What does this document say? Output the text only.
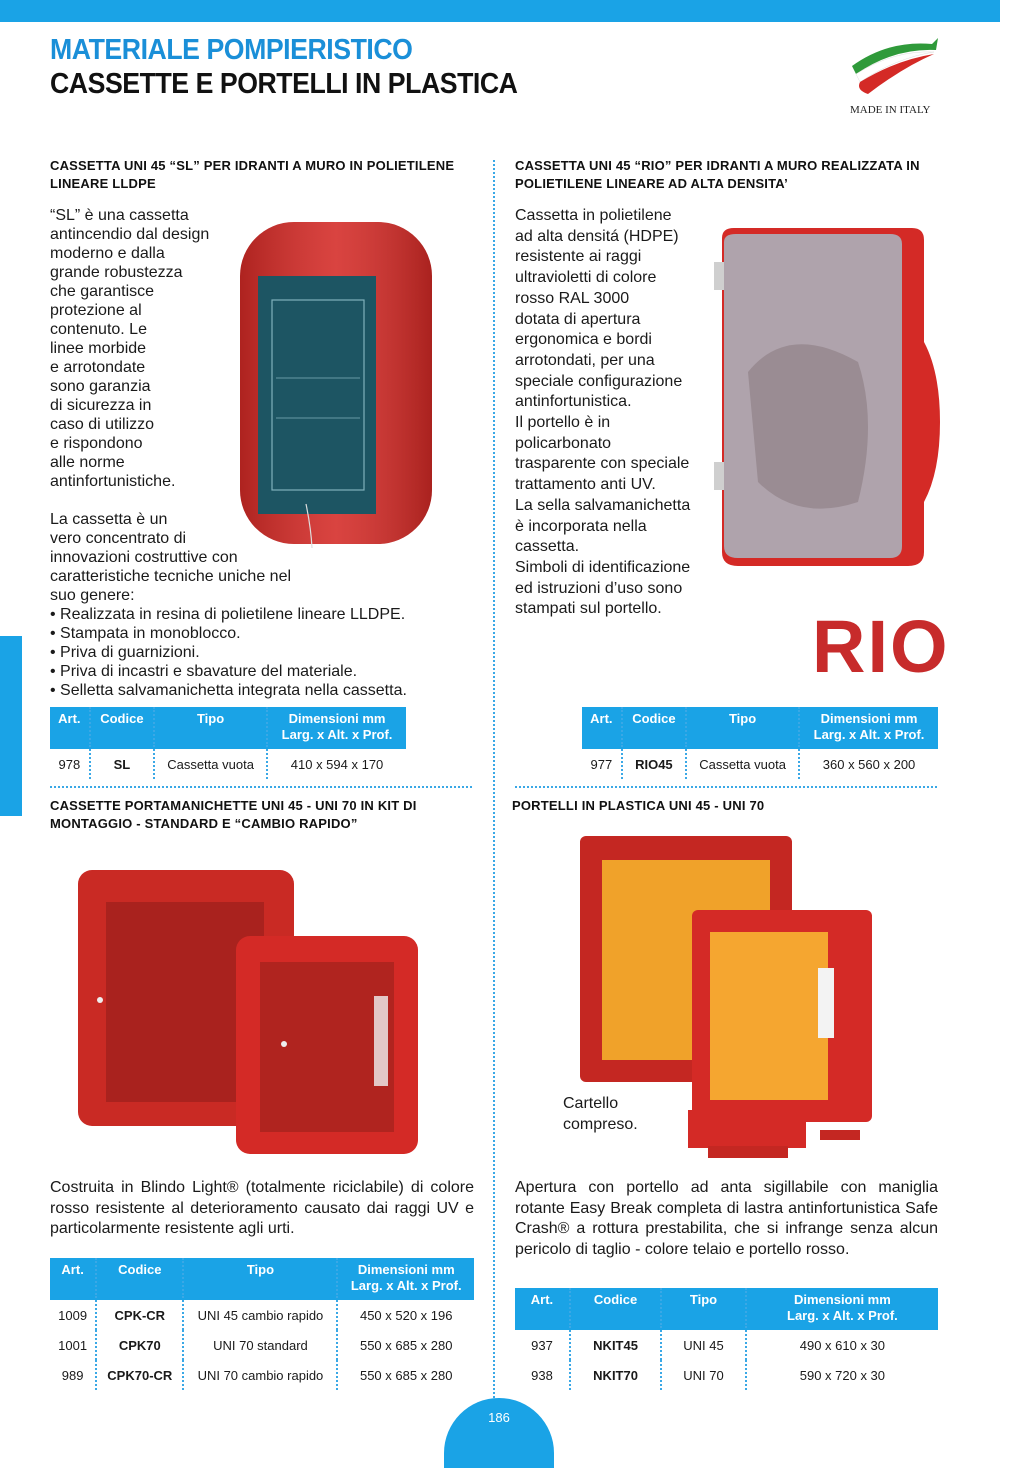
MATERIALE POMPIERISTICO
CASSETTE E PORTELLI IN PLASTICA
MADE IN ITALY
CASSETTA UNI 45 “SL” PER IDRANTI A MURO IN POLIETILENE LINEARE LLDPE

“SL” è una cassetta

antincendio dal design

moderno e dalla

grande robustezza

che garantisce

protezione al

contenuto. Le

linee morbide

e arrotondate

sono garanzia

di sicurezza in

caso di utilizzo

e rispondono

alle norme

antinfortunistiche.

La cassetta è un

vero concentrato di

innovazioni costruttive con

caratteristiche tecniche uniche nel

suo genere:

• Realizzata in resina di polietilene lineare LLDPE.
• Stampata in monoblocco.
• Priva di guarnizioni.
• Priva di incastri e sbavature del materiale.
• Selletta salvamanichetta integrata nella cassetta.
Art.	Codice	Tipo	Dimensioni mm
Larg. x Alt. x Prof.
978	SL	Cassetta vuota	410 x 594 x 170
CASSETTA UNI 45 “RIO” PER IDRANTI A MURO REALIZZATA IN POLIETILENE LINEARE AD ALTA DENSITA’

Cassetta in polietilene

ad alta densitá (HDPE)

resistente ai raggi

ultravioletti di colore

rosso RAL 3000

dotata di apertura

ergonomica e bordi

arrotondati, per una

speciale configurazione

antinfortunistica.

Il portello è in

policarbonato

trasparente con speciale

trattamento anti UV.

La sella salvamanichetta

è incorporata nella

cassetta.

Simboli di identificazione

ed istruzioni d’uso sono

stampati sul portello.	RIO
Art.	Codice	Tipo	Dimensioni mm
Larg. x Alt. x Prof.
977	RIO45	Cassetta vuota	360 x 560 x 200
CASSETTE PORTAMANICHETTE UNI 45 - UNI 70 IN KIT DI
MONTAGGIO - STANDARD E “CAMBIO RAPIDO”
Costruita in Blindo Light® (totalmente riciclabile) di colore rosso resistente al deterioramento causato dai raggi UV e particolarmente resistente agli urti.
Art.	Codice	Tipo	Dimensioni mm
Larg. x Alt. x Prof.
1009	CPK-CR	UNI 45 cambio rapido	450 x 520 x 196
1001	CPK70	UNI 70 standard	550 x 685 x 280
989	CPK70-CR	UNI 70 cambio rapido	550 x 685 x 280
PORTELLI IN PLASTICA UNI 45 - UNI 70
Cartello
compreso.
Apertura con portello ad anta sigillabile con maniglia rotante Easy Break completa di lastra antinfortunistica Safe Crash® a rottura prestabilita, che si infrange senza alcun pericolo di taglio - colore telaio e portello rosso.
Art.	Codice	Tipo	Dimensioni mm
Larg. x Alt. x Prof.
937	NKIT45	UNI 45	490 x 610 x 30
938	NKIT70	UNI 70	590 x 720 x 30
186
